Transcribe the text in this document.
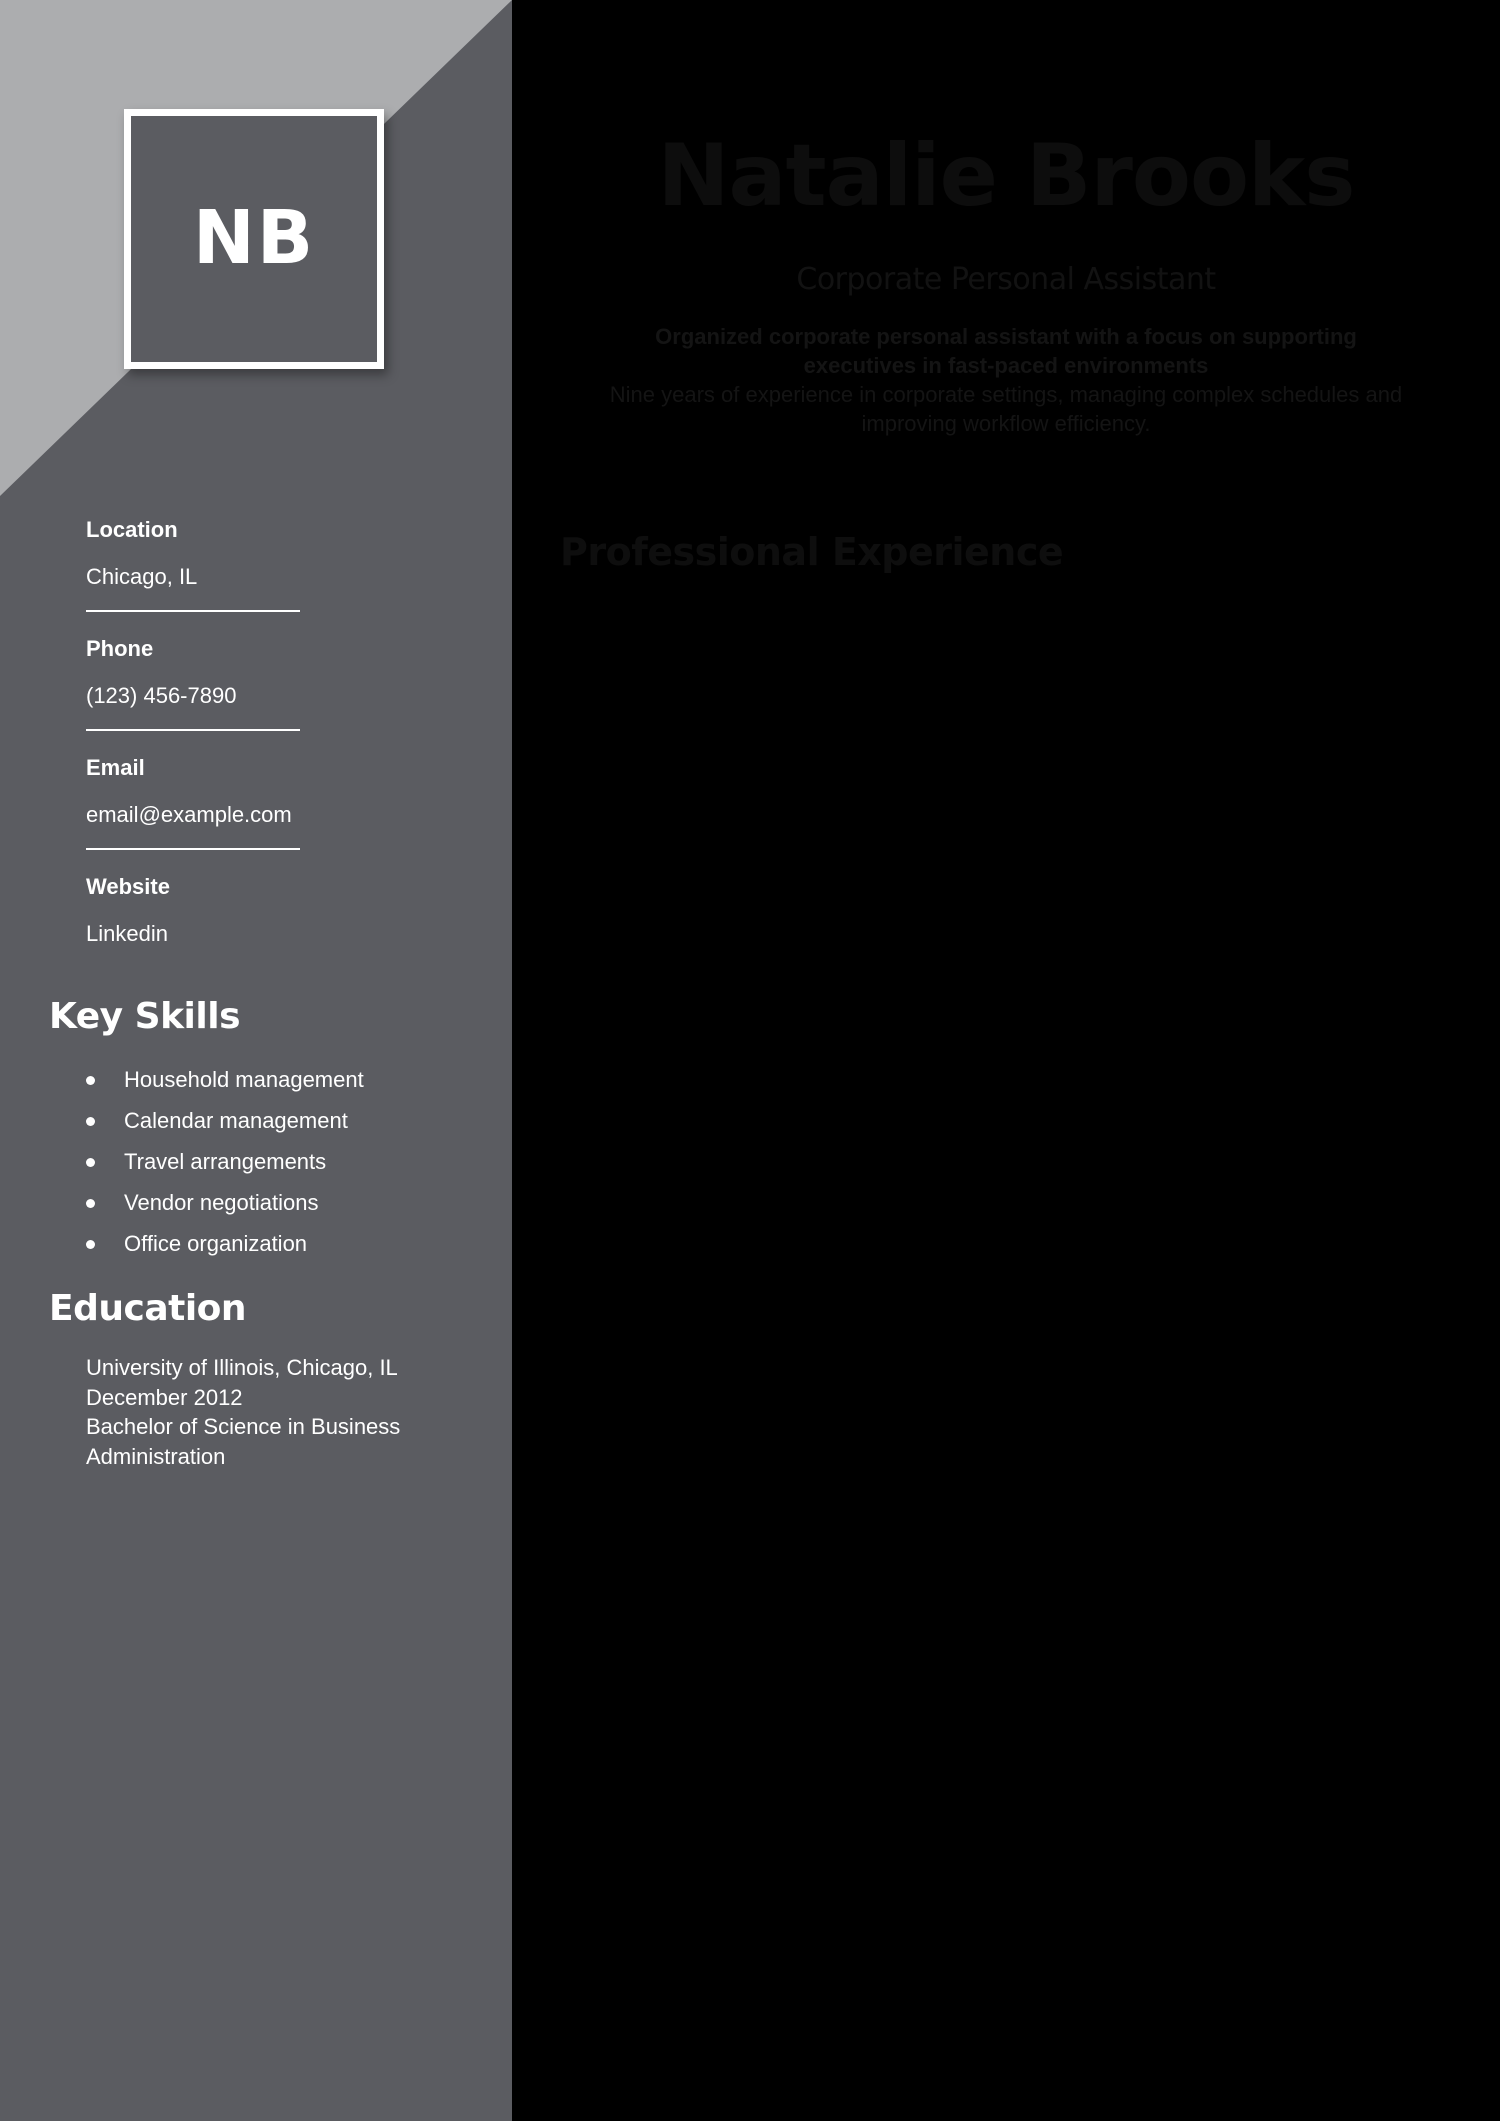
NB
Location
Chicago, IL
Phone
(123) 456-7890
Email
email@example.com
Website
Linkedin
Key Skills
Household management
Calendar management
Travel arrangements
Vendor negotiations
Office organization
Education
University of Illinois, Chicago, IL
December 2012
Bachelor of Science in Business Administration
Natalie Brooks
Corporate Personal Assistant
Organized corporate personal assistant with a focus on supporting executives in fast-paced environments
Nine years of experience in corporate settings, managing complex schedules and improving workflow efficiency.
Professional Experience
